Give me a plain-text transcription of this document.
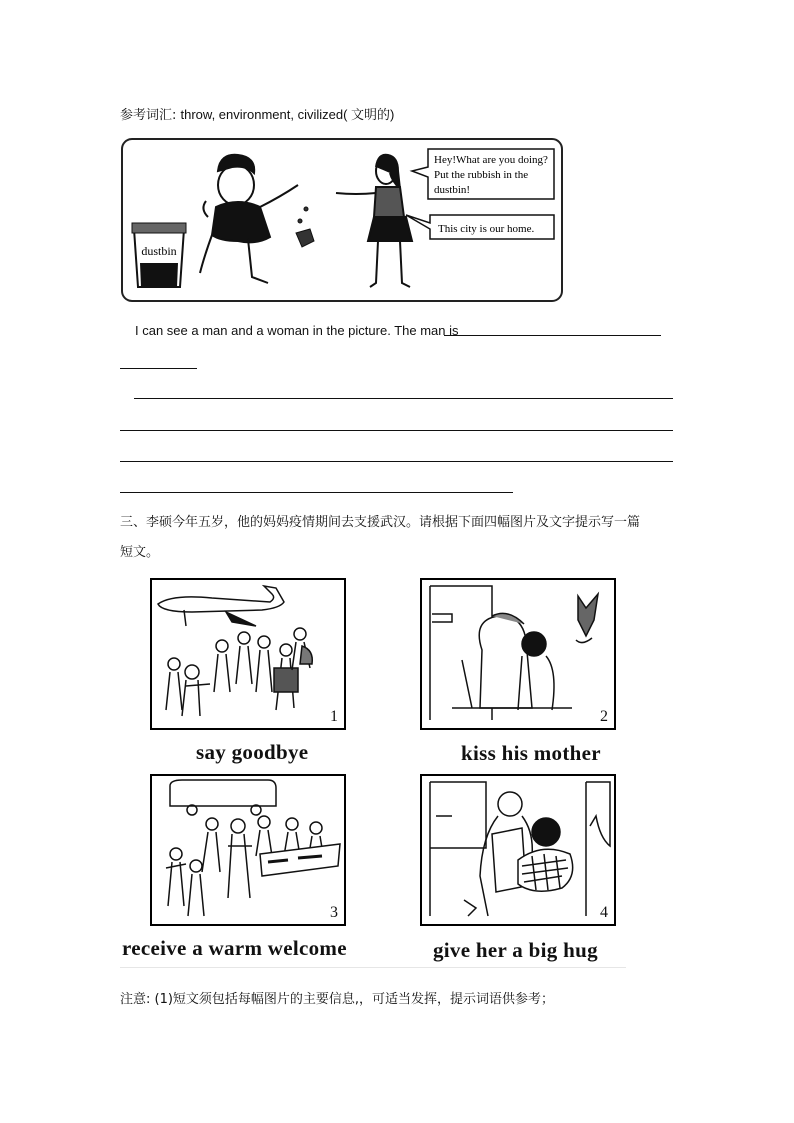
参考词汇: throw, environment, civilized( 文明的)
dustbin
Hey!What are you doing?
Put the rubbish in the
dustbin!
This city is our home.
I can see a man and a woman in the picture. The man is
三、李硕今年五岁，他的妈妈疫情期间去支援武汉。请根据下面四幅图片及文字提示写一篇
短文。
1
say goodbye
2
kiss his mother
3
receive a warm welcome
4
give her a big hug
注意: (1)短文须包括每幅图片的主要信息,，可适当发挥，提示词语供参考；
